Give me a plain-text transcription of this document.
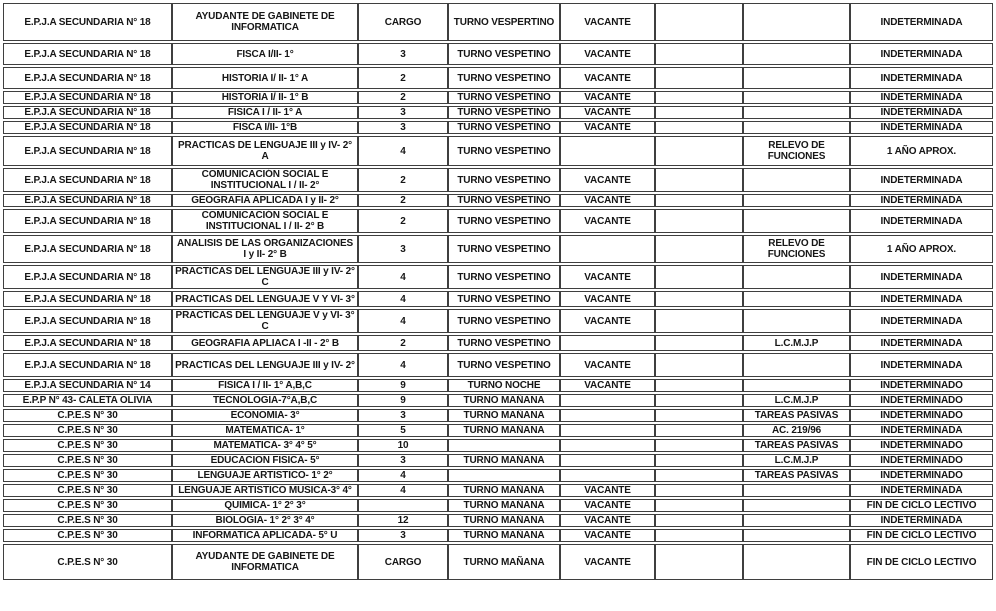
E.P.J.A SECUNDARIA N° 18	AYUDANTE DE GABINETE DE INFORMATICA	CARGO	TURNO VESPERTINO	VACANTE			INDETERMINADA
E.P.J.A SECUNDARIA N° 18	FISCA I/II- 1°	3	TURNO VESPETINO	VACANTE			INDETERMINADA
E.P.J.A SECUNDARIA N° 18	HISTORIA I/ II- 1° A	2	TURNO VESPETINO	VACANTE			INDETERMINADA
E.P.J.A SECUNDARIA N° 18	HISTORIA I/ II- 1° B	2	TURNO VESPETINO	VACANTE			INDETERMINADA
E.P.J.A SECUNDARIA N° 18	FISICA I / II- 1° A	3	TURNO VESPETINO	VACANTE			INDETERMINADA
E.P.J.A SECUNDARIA N° 18	FISCA I/II- 1°B	3	TURNO VESPETINO	VACANTE			INDETERMINADA
E.P.J.A SECUNDARIA N° 18	PRACTICAS DE LENGUAJE III y IV- 2° A	4	TURNO VESPETINO			RELEVO DE FUNCIONES	1 AÑO APROX.
E.P.J.A SECUNDARIA N° 18	COMUNICACIÓN SOCIAL E INSTITUCIONAL I / II- 2°	2	TURNO VESPETINO	VACANTE			INDETERMINADA
E.P.J.A SECUNDARIA N° 18	GEOGRAFIA APLICADA I y II- 2°	2	TURNO VESPETINO	VACANTE			INDETERMINADA
E.P.J.A SECUNDARIA N° 18	COMUNICACIÓN SOCIAL E INSTITUCIONAL I / II- 2° B	2	TURNO VESPETINO	VACANTE			INDETERMINADA
E.P.J.A SECUNDARIA N° 18	ANALISIS DE LAS ORGANIZACIONES I y II- 2° B	3	TURNO VESPETINO			RELEVO DE FUNCIONES	1 AÑO APROX.
E.P.J.A SECUNDARIA N° 18	PRACTICAS DEL LENGUAJE III y IV- 2° C	4	TURNO VESPETINO	VACANTE			INDETERMINADA
E.P.J.A SECUNDARIA N° 18	PRACTICAS DEL LENGUAJE V Y VI- 3°	4	TURNO VESPETINO	VACANTE			INDETERMINADA
E.P.J.A SECUNDARIA N° 18	PRACTICAS DEL LENGUAJE V y VI- 3° C	4	TURNO VESPETINO	VACANTE			INDETERMINADA
E.P.J.A SECUNDARIA N° 18	GEOGRAFIA APLIACA I -II - 2° B	2	TURNO VESPETINO			L.C.M.J.P	INDETERMINADA
E.P.J.A SECUNDARIA N° 18	PRACTICAS DEL LENGUAJE III y IV- 2°	4	TURNO VESPETINO	VACANTE			INDETERMINADA
E.P.J.A SECUNDARIA N° 14	FISICA I / II- 1° A,B,C	9	TURNO NOCHE	VACANTE			INDETERMINADO
E.P.P N° 43- CALETA OLIVIA	TECNOLOGIA-7°A,B,C	9	TURNO MAÑANA			L.C.M.J.P	INDETERMINADO
C.P.E.S N° 30	ECONOMIA- 3°	3	TURNO MAÑANA			TAREAS PASIVAS	INDETERMINADO
C.P.E.S N° 30	MATEMATICA- 1°	5	TURNO MAÑANA			AC. 219/96	INDETERMINADA
C.P.E.S N° 30	MATEMATICA- 3° 4° 5°	10				TAREAS PASIVAS	INDETERMINADO
C.P.E.S N° 30	EDUCACION FISICA- 5°	3	TURNO MAÑANA			L.C.M.J.P	INDETERMINADO
C.P.E.S N° 30	LENGUAJE ARTISTICO- 1° 2°	4				TAREAS PASIVAS	INDETERMINADO
C.P.E.S N° 30	LENGUAJE ARTISTICO MUSICA-3° 4°	4	TURNO MAÑANA	VACANTE			INDETERMINADA
C.P.E.S N° 30	QUIMICA- 1° 2° 3°		TURNO MAÑANA	VACANTE			FIN DE CICLO LECTIVO
C.P.E.S N° 30	BIOLOGIA- 1° 2° 3° 4°	12	TURNO MAÑANA	VACANTE			INDETERMINADA
C.P.E.S N° 30	INFORMATICA APLICADA- 5° U	3	TURNO MAÑANA	VACANTE			FIN DE CICLO LECTIVO
C.P.E.S N° 30	AYUDANTE DE GABINETE DE INFORMATICA	CARGO	TURNO MAÑANA	VACANTE			FIN DE CICLO LECTIVO
